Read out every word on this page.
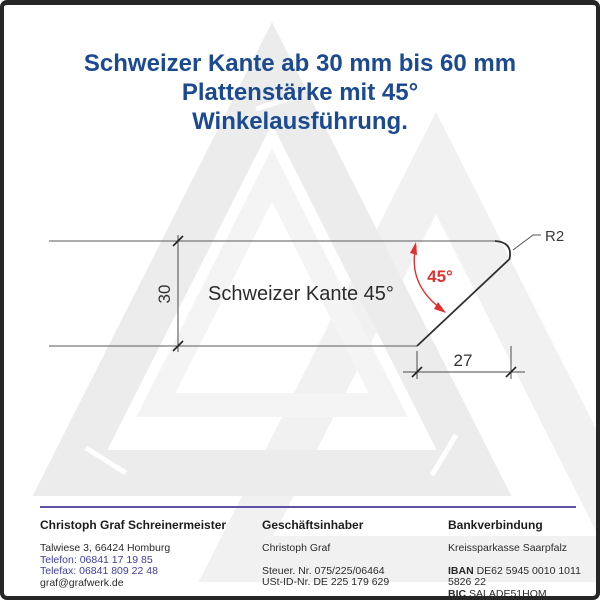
30 Schweizer Kante 45°
27
R2
45°
Schweizer Kante ab 30 mm bis 60 mm
Plattenstärke mit 45°
Winkelausführung.
Christoph Graf Schreinermeister
Talwiese 3, 66424 Homburg
Telefon: 06841 17 19 85
Telefax: 06841 809 22 48
graf@grafwerk.de
Geschäftsinhaber
Christoph Graf
Steuer. Nr. 075/225/06464
USt-ID-Nr. DE 225 179 629
Bankverbindung
Kreissparkasse Saarpfalz
IBAN DE62 5945 0010 1011 5826 22
BIC SALADE51HOM
